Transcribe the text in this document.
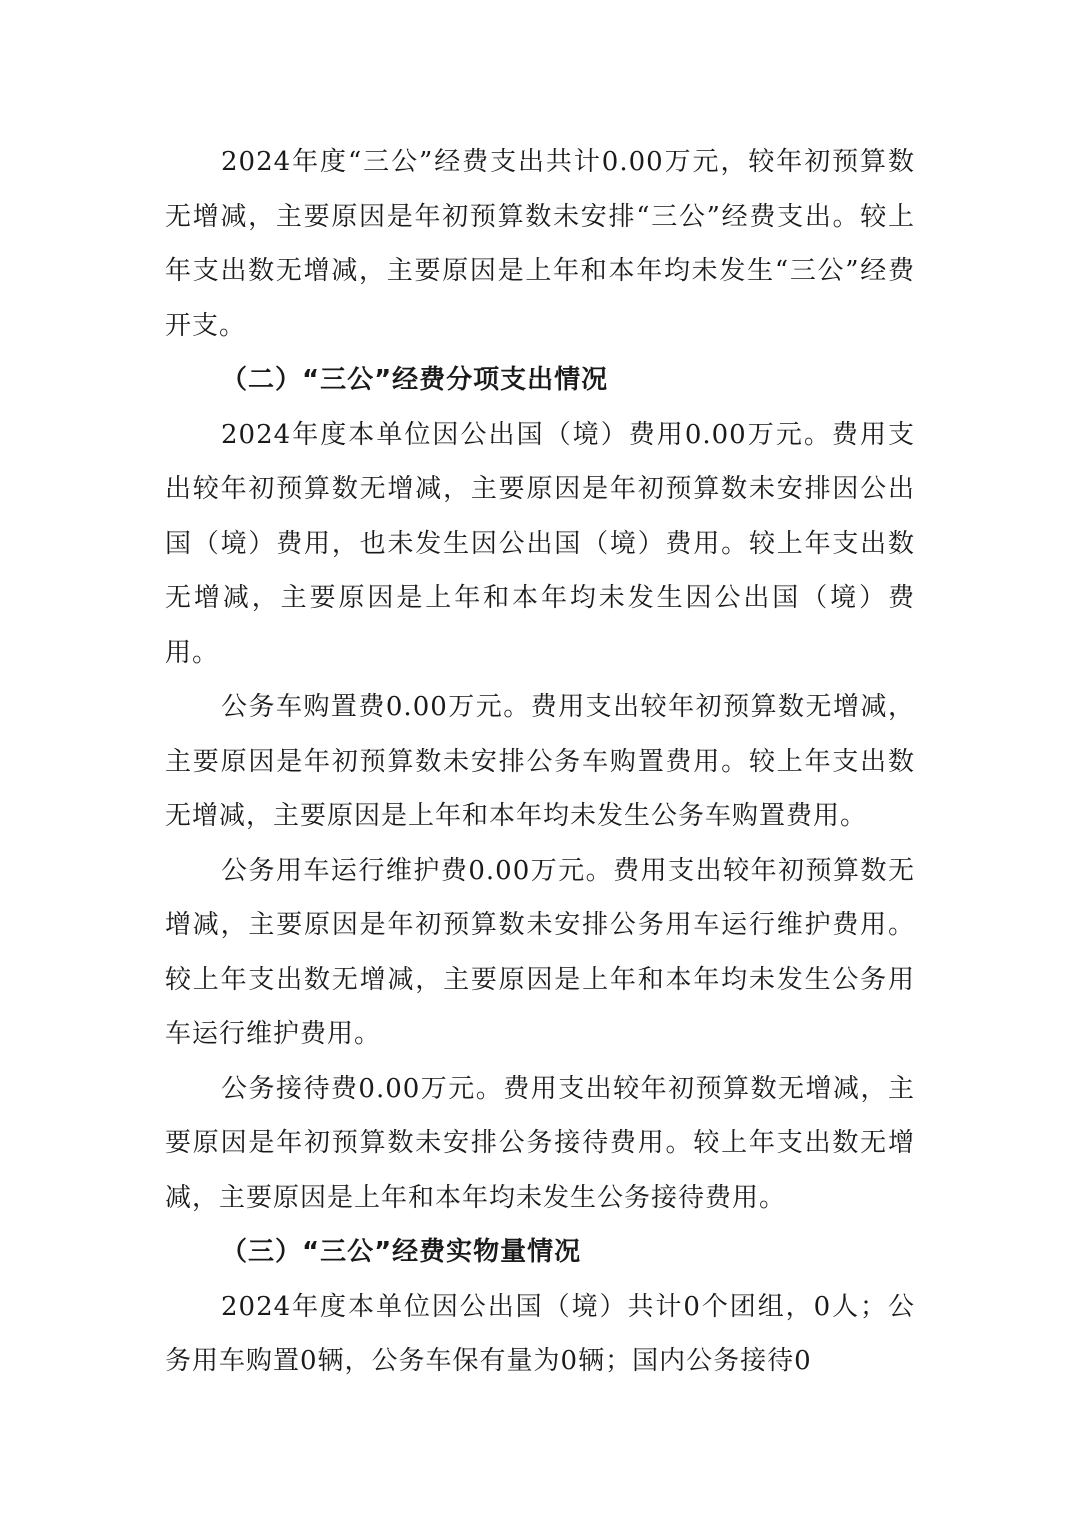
2024年度“三公”经费支出共计0.00万元，较年初预算数无增减，主要原因是年初预算数未安排“三公”经费支出。较上年支出数无增减，主要原因是上年和本年均未发生“三公”经费开支。

（二）“三公”经费分项支出情况

2024年度本单位因公出国（境）费用0.00万元。费用支出较年初预算数无增减，主要原因是年初预算数未安排因公出国（境）费用，也未发生因公出国（境）费用。较上年支出数无增减，主要原因是上年和本年均未发生因公出国（境）费用。

公务车购置费0.00万元。费用支出较年初预算数无增减，主要原因是年初预算数未安排公务车购置费用。较上年支出数无增减，主要原因是上年和本年均未发生公务车购置费用。

公务用车运行维护费0.00万元。费用支出较年初预算数无增减，主要原因是年初预算数未安排公务用车运行维护费用。较上年支出数无增减，主要原因是上年和本年均未发生公务用车运行维护费用。

公务接待费0.00万元。费用支出较年初预算数无增减，主要原因是年初预算数未安排公务接待费用。较上年支出数无增减，主要原因是上年和本年均未发生公务接待费用。

（三）“三公”经费实物量情况

2024年度本单位因公出国（境）共计0个团组，0人；公务用车购置0辆，公务车保有量为0辆；国内公务接待0
